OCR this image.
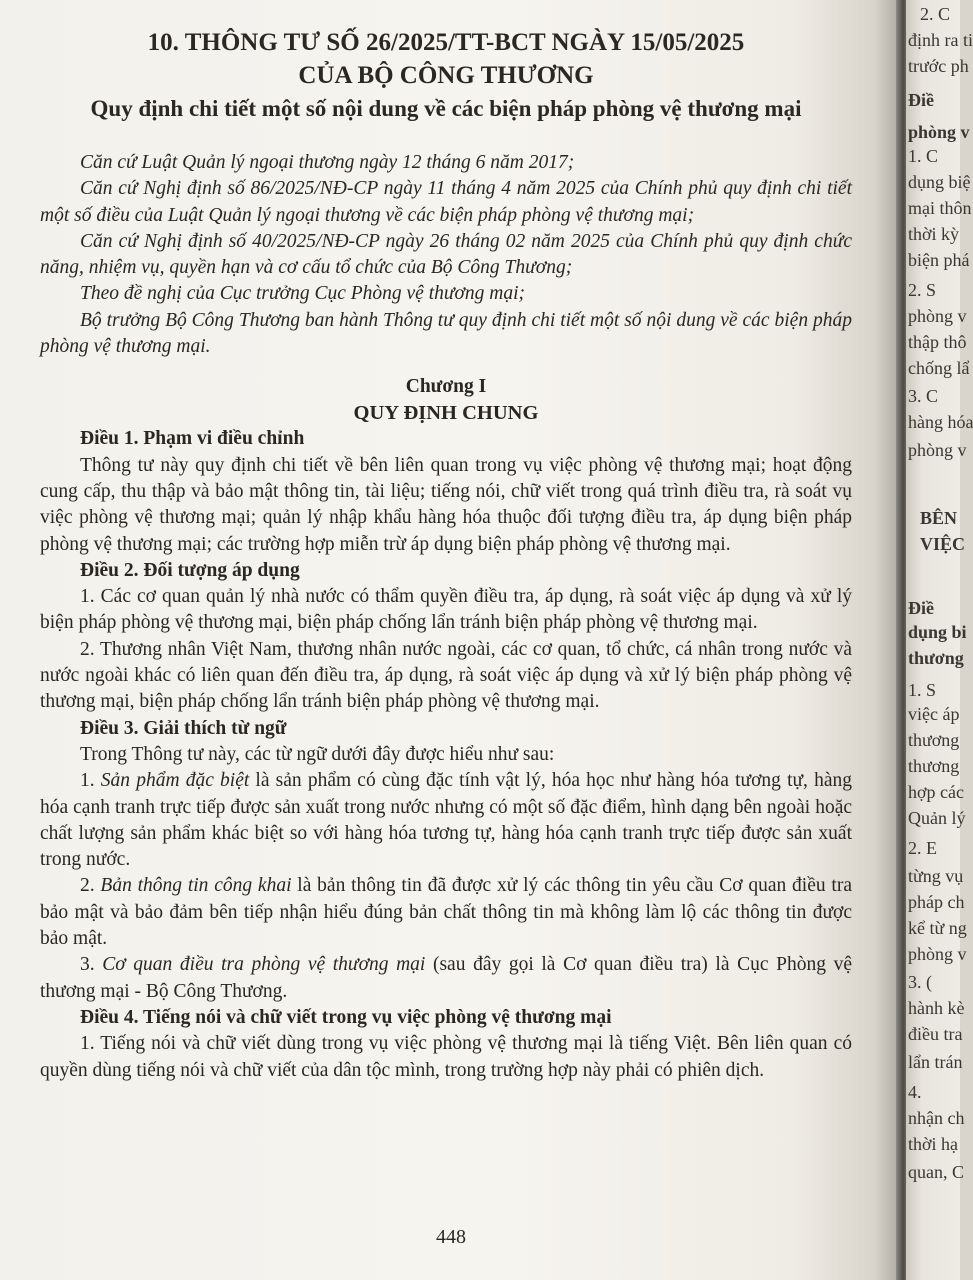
10. THÔNG TƯ SỐ 26/2025/TT-BCT NGÀY 15/05/2025
CỦA BỘ CÔNG THƯƠNG
Quy định chi tiết một số nội dung về các biện pháp phòng vệ thương mại

Căn cứ Luật Quản lý ngoại thương ngày 12 tháng 6 năm 2017;

Căn cứ Nghị định số 86/2025/NĐ-CP ngày 11 tháng 4 năm 2025 của Chính phủ quy định chi tiết một số điều của Luật Quản lý ngoại thương về các biện pháp phòng vệ thương mại;

Căn cứ Nghị định số 40/2025/NĐ-CP ngày 26 tháng 02 năm 2025 của Chính phủ quy định chức năng, nhiệm vụ, quyền hạn và cơ cấu tổ chức của Bộ Công Thương;

Theo đề nghị của Cục trưởng Cục Phòng vệ thương mại;

Bộ trưởng Bộ Công Thương ban hành Thông tư quy định chi tiết một số nội dung về các biện pháp phòng vệ thương mại.

Chương I
QUY ĐỊNH CHUNG

Điều 1. Phạm vi điều chỉnh

Thông tư này quy định chi tiết về bên liên quan trong vụ việc phòng vệ thương mại; hoạt động cung cấp, thu thập và bảo mật thông tin, tài liệu; tiếng nói, chữ viết trong quá trình điều tra, rà soát vụ việc phòng vệ thương mại; quản lý nhập khẩu hàng hóa thuộc đối tượng điều tra, áp dụng biện pháp phòng vệ thương mại; các trường hợp miễn trừ áp dụng biện pháp phòng vệ thương mại.

Điều 2. Đối tượng áp dụng

1. Các cơ quan quản lý nhà nước có thẩm quyền điều tra, áp dụng, rà soát việc áp dụng và xử lý biện pháp phòng vệ thương mại, biện pháp chống lẩn tránh biện pháp phòng vệ thương mại.

2. Thương nhân Việt Nam, thương nhân nước ngoài, các cơ quan, tổ chức, cá nhân trong nước và nước ngoài khác có liên quan đến điều tra, áp dụng, rà soát việc áp dụng và xử lý biện pháp phòng vệ thương mại, biện pháp chống lẩn tránh biện pháp phòng vệ thương mại.

Điều 3. Giải thích từ ngữ

Trong Thông tư này, các từ ngữ dưới đây được hiểu như sau:

1. Sản phẩm đặc biệt là sản phẩm có cùng đặc tính vật lý, hóa học như hàng hóa tương tự, hàng hóa cạnh tranh trực tiếp được sản xuất trong nước nhưng có một số đặc điểm, hình dạng bên ngoài hoặc chất lượng sản phẩm khác biệt so với hàng hóa tương tự, hàng hóa cạnh tranh trực tiếp được sản xuất trong nước.

2. Bản thông tin công khai là bản thông tin đã được xử lý các thông tin yêu cầu Cơ quan điều tra bảo mật và bảo đảm bên tiếp nhận hiểu đúng bản chất thông tin mà không làm lộ các thông tin được bảo mật.

3. Cơ quan điều tra phòng vệ thương mại (sau đây gọi là Cơ quan điều tra) là Cục Phòng vệ thương mại - Bộ Công Thương.

Điều 4. Tiếng nói và chữ viết trong vụ việc phòng vệ thương mại

1. Tiếng nói và chữ viết dùng trong vụ việc phòng vệ thương mại là tiếng Việt. Bên liên quan có quyền dùng tiếng nói và chữ viết của dân tộc mình, trong trường hợp này phải có phiên dịch.

448
2. C
định ra ti
trước ph
Điề
phòng v
1. C
dụng biệ
mại thôn
thời kỳ
biện phá
2. S
phòng v
thập thô
chống lẩ
3. C
hàng hóa
phòng v
BÊN
VIỆC
Điề
dụng bi
thương
1. S
việc áp
thương
thương
hợp các
Quản lý
2. E
từng vụ
pháp ch
kể từ ng
phòng v
3. (
hành kè
điều tra
lẩn trán
4.
nhận ch
thời hạ
quan, C
